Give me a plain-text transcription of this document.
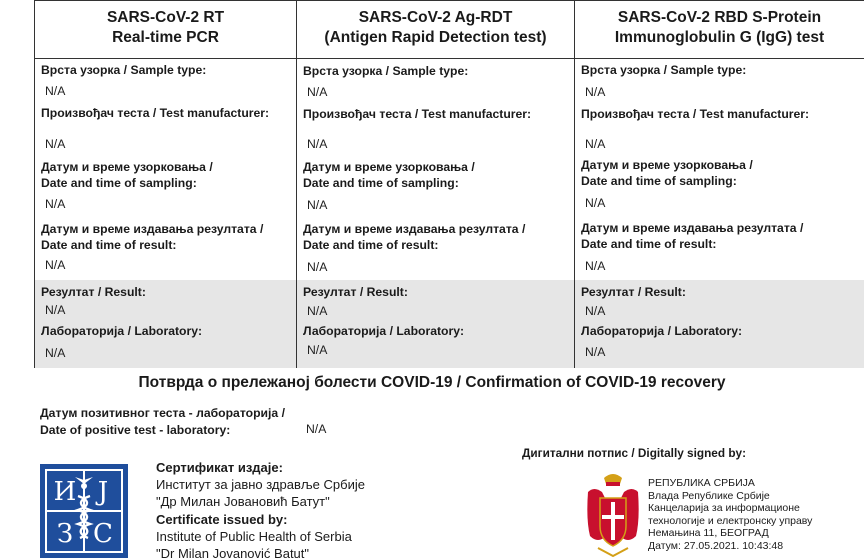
SARS-CoV-2 RT
Real-time PCR
Врста узорка / Sample type:
N/A
Произвођач теста / Test manufacturer:
N/A
Датум и време узорковања /
Date and time of sampling:
N/A
Датум и време издавања резултата /
Date and time of result:
N/A
Резултат / Result:
N/A
Лабораторија / Laboratory:
N/A
SARS-CoV-2 Ag-RDT
(Antigen Rapid Detection test)
Врста узорка / Sample type:
N/A
Произвођач теста / Test manufacturer:
N/A
Датум и време узорковања /
Date and time of sampling:
N/A
Датум и време издавања резултата /
Date and time of result:
N/A
Резултат / Result:
N/A
Лабораторија / Laboratory:
N/A
SARS-CoV-2 RBD S-Protein
Immunoglobulin G (IgG) test
Врста узорка / Sample type:
N/A
Произвођач теста / Test manufacturer:
N/A
Датум и време узорковања /
Date and time of sampling:
N/A
Датум и време издавања резултата /
Date and time of result:
N/A
Резултат / Result:
N/A
Лабораторија / Laboratory:
N/A
Потврда о прележаној болести COVID-19 / Confirmation of COVID-19 recovery
Датум позитивног теста - лабораторија /
Date of positive test - laboratory:	N/A
И Ј
З С
Сертификат издаје:
Институт за јавно здравље Србије
"Др Милан Јовановић Батут"
Certificate issued by:
Institute of Public Health of Serbia
"Dr Milan Jovanović Batut"
Дигитални потпис / Digitally signed by:
РЕПУБЛИКА СРБИЈА
Влада Републике Србије
Канцеларија за информационе
технологије и електронску управу
Немањина 11, БЕОГРАД
Датум: 27.05.2021. 10:43:48
